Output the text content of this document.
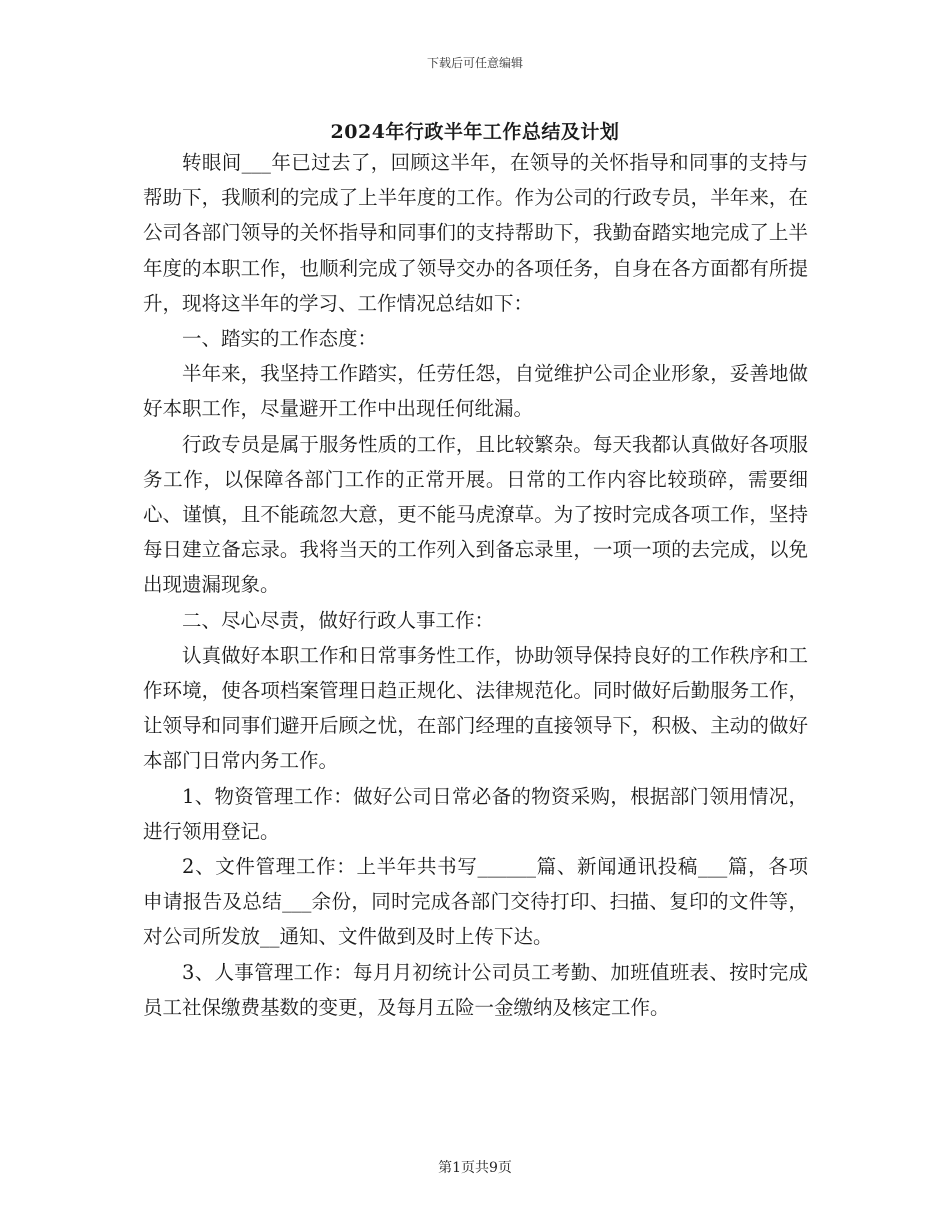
下载后可任意编辑
2024年行政半年工作总结及计划

转眼间___年已过去了，回顾这半年，在领导的关怀指导和同事的支持与帮助下，我顺利的完成了上半年度的工作。作为公司的行政专员，半年来，在公司各部门领导的关怀指导和同事们的支持帮助下，我勤奋踏实地完成了上半年度的本职工作，也顺利完成了领导交办的各项任务，自身在各方面都有所提升，现将这半年的学习、工作情况总结如下：

一、踏实的工作态度：

半年来，我坚持工作踏实，任劳任怨，自觉维护公司企业形象，妥善地做好本职工作，尽量避开工作中出现任何纰漏。

行政专员是属于服务性质的工作，且比较繁杂。每天我都认真做好各项服务工作，以保障各部门工作的正常开展。日常的工作内容比较琐碎，需要细心、谨慎，且不能疏忽大意，更不能马虎潦草。为了按时完成各项工作，坚持每日建立备忘录。我将当天的工作列入到备忘录里，一项一项的去完成，以免出现遗漏现象。

二、尽心尽责，做好行政人事工作：

认真做好本职工作和日常事务性工作，协助领导保持良好的工作秩序和工作环境，使各项档案管理日趋正规化、法律规范化。同时做好后勤服务工作，让领导和同事们避开后顾之忧，在部门经理的直接领导下，积极、主动的做好本部门日常内务工作。

1、物资管理工作：做好公司日常必备的物资采购，根据部门领用情况，进行领用登记。

2、文件管理工作：上半年共书写______篇、新闻通讯投稿___篇，各项申请报告及总结___余份，同时完成各部门交待打印、扫描、复印的文件等，对公司所发放__通知、文件做到及时上传下达。

3、人事管理工作：每月月初统计公司员工考勤、加班值班表、按时完成员工社保缴费基数的变更，及每月五险一金缴纳及核定工作。

第1页共9页
